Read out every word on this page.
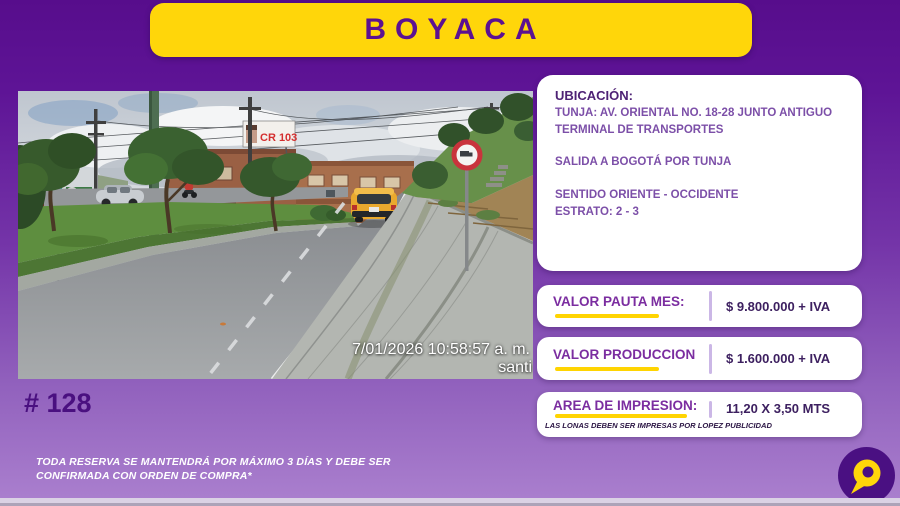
BOYACA
CR 103
7/01/2026 10:58:57 a. m.
santi

UBICACIÓN:

TUNJA: AV. ORIENTAL NO. 18-28 JUNTO ANTIGUO TERMINAL DE TRANSPORTES

SALIDA A BOGOTÁ POR TUNJA

SENTIDO ORIENTE - OCCIDENTE

ESTRATO: 2 - 3

VALOR PAUTA MES:	$ 9.800.000 + IVA
VALOR PRODUCCION	$ 1.600.000 + IVA
AREA DE IMPRESION:	11,20 X 3,50 MTS
LAS LONAS DEBEN SER IMPRESAS POR LOPEZ PUBLICIDAD
# 128
TODA RESERVA SE MANTENDRÁ POR MÁXIMO 3 DÍAS Y DEBE SER
CONFIRMADA CON ORDEN DE COMPRA*
